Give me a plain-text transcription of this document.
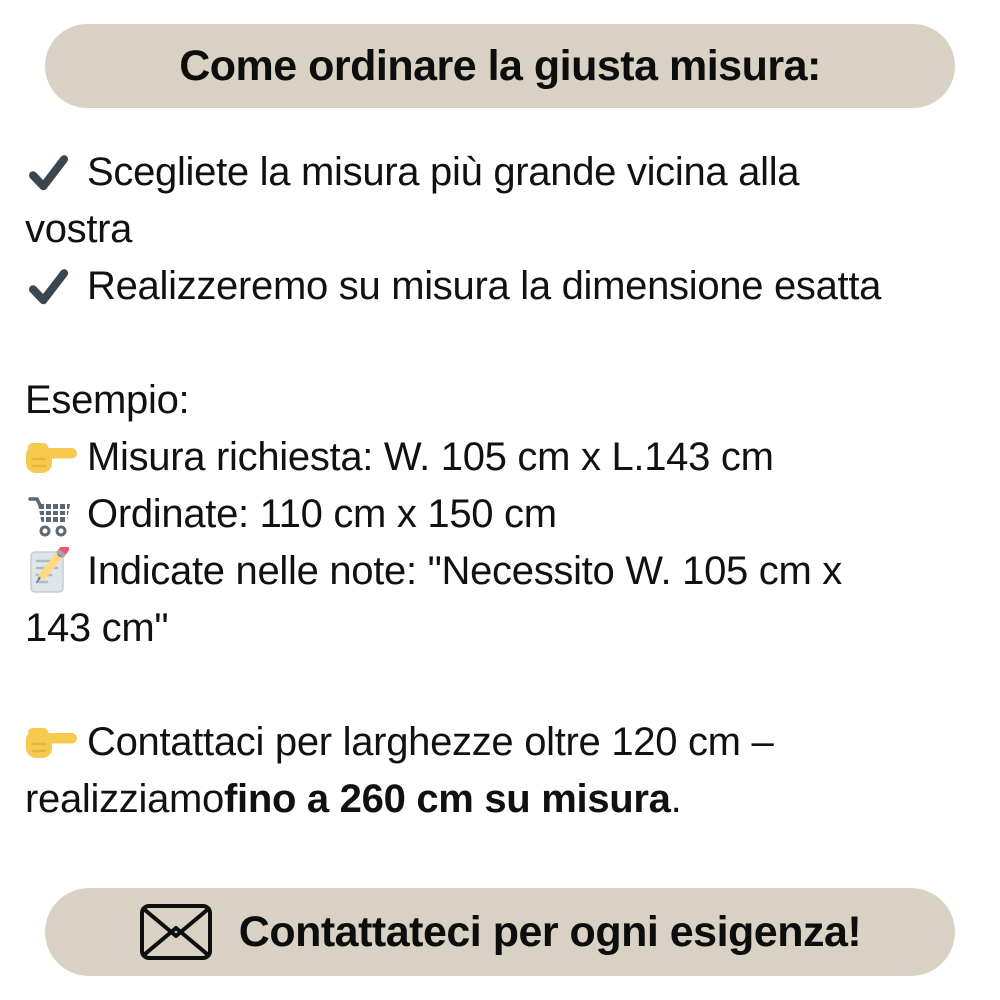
Come ordinare la giusta misura:
Scegliete la misura più grande vicina alla
vostra
Realizzeremo su misura la dimensione esatta
Esempio:
Misura richiesta: W. 105 cm x L.143 cm
Ordinate: 110 cm x 150 cm
Indicate nelle note: "Necessito W. 105 cm x
143 cm"
Contattaci per larghezze oltre 120 cm –
realizziamo fino a 260 cm su misura .
Contattateci per ogni esigenza!
